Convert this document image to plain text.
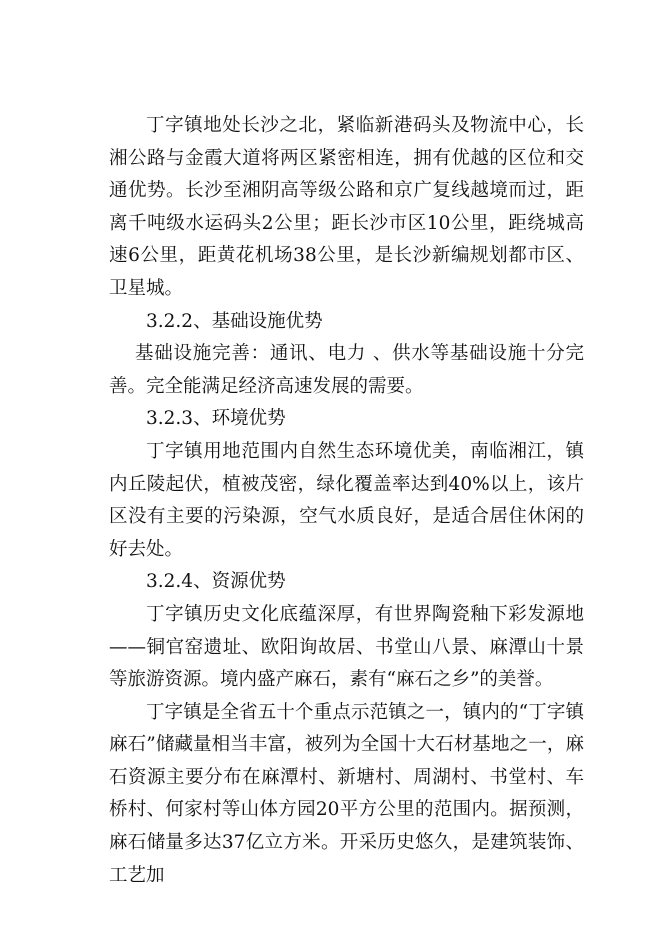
丁字镇地处长沙之北，紧临新港码头及物流中心，长湘公路与金霞大道将两区紧密相连，拥有优越的区位和交通优势。长沙至湘阴高等级公路和京广复线越境而过，距离千吨级水运码头2公里；距长沙市区10公里，距绕城高速6公里，距黄花机场38公里，是长沙新编规划都市区、卫星城。

3.2.2、基础设施优势

基础设施完善：通讯、电力 、供水等基础设施十分完善。完全能满足经济高速发展的需要。

3.2.3、环境优势

丁字镇用地范围内自然生态环境优美，南临湘江，镇内丘陵起伏，植被茂密，绿化覆盖率达到40%以上，该片区没有主要的污染源，空气水质良好，是适合居住休闲的好去处。

3.2.4、资源优势

丁字镇历史文化底蕴深厚，有世界陶瓷釉下彩发源地——铜官窑遗址、欧阳询故居、书堂山八景、麻潭山十景等旅游资源。境内盛产麻石，素有“麻石之乡”的美誉。

丁字镇是全省五十个重点示范镇之一，镇内的“丁字镇麻石”储藏量相当丰富，被列为全国十大石材基地之一，麻石资源主要分布在麻潭村、新塘村、周湖村、书堂村、车桥村、何家村等山体方园20平方公里的范围内。据预测，麻石储量多达37亿立方米。开采历史悠久，是建筑装饰、工艺加
